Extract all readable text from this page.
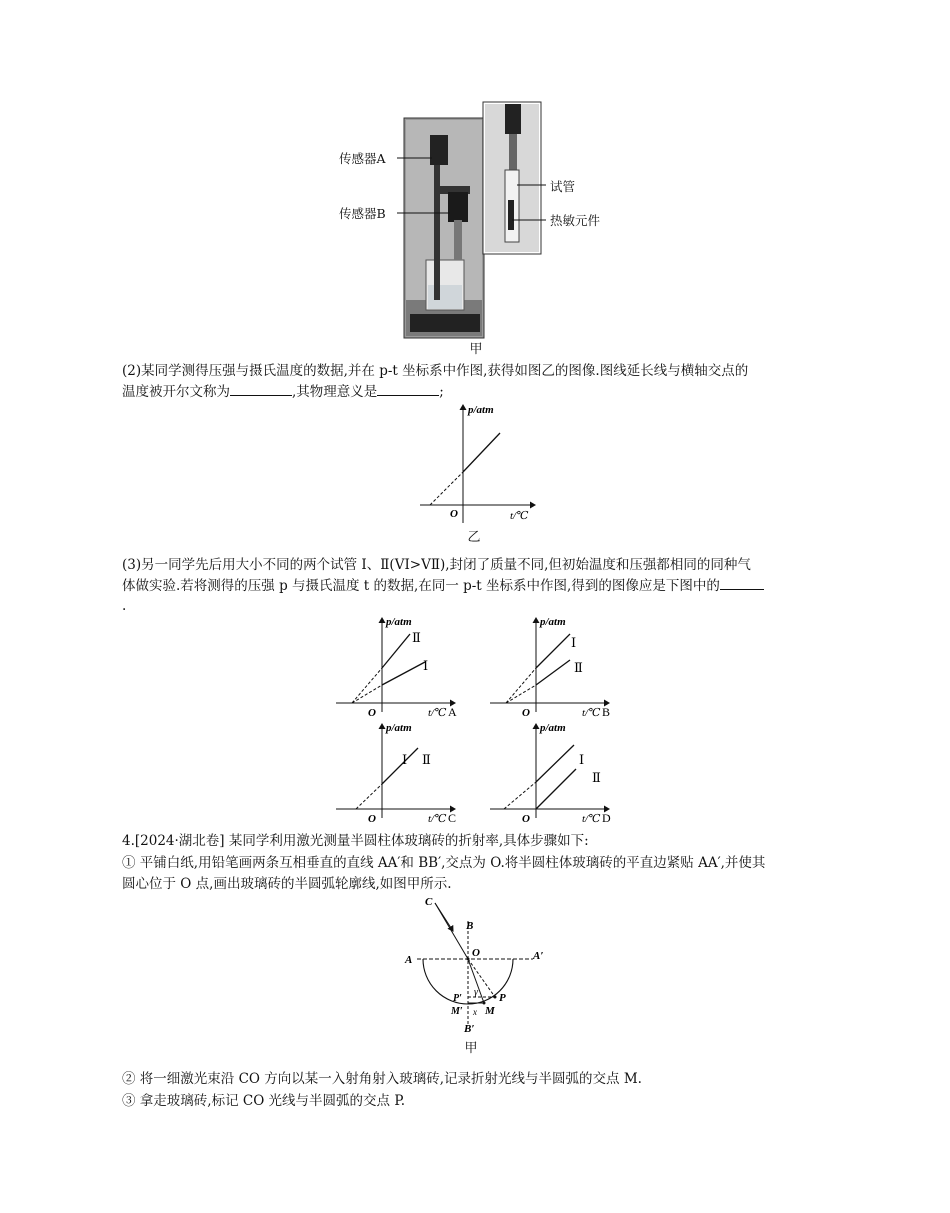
传感器A
传感器B
试管
热敏元件
甲
(2)某同学测得压强与摄氏温度的数据,并在 p-t 坐标系中作图,获得如图乙的图像.图线延长线与横轴交点的
温度被开尔文称为	,其物理意义是	;
p/atm
t/℃
O
乙
(3)另一同学先后用大小不同的两个试管 Ⅰ、Ⅱ(VⅠ>VⅡ),封闭了质量不同,但初始温度和压强都相同的同种气
体做实验.若将测得的压强 p 与摄氏温度 t 的数据,在同一 p-t 坐标系中作图,得到的图像应是下图中的
.
p/atm
Ⅱ
Ⅰ
O	t/℃ A
p/atm
Ⅰ
Ⅱ
O	t/℃ B
p/atm
Ⅰ Ⅱ
O	t/℃ C
p/atm
Ⅰ
Ⅱ
O	t/℃ D
4.[2024·湖北卷] 某同学利用激光测量半圆柱体玻璃砖的折射率,具体步骤如下:
① 平铺白纸,用铅笔画两条互相垂直的直线 AA′和 BB′,交点为 O.将半圆柱体玻璃砖的平直边紧贴 AA′,并使其
圆心位于 O 点,画出玻璃砖的半圆弧轮廓线,如图甲所示.
C
B
O
A	A′
P′
γ P
M′ x M
B′
甲
② 将一细激光束沿 CO 方向以某一入射角射入玻璃砖,记录折射光线与半圆弧的交点 M.
③ 拿走玻璃砖,标记 CO 光线与半圆弧的交点 P.
